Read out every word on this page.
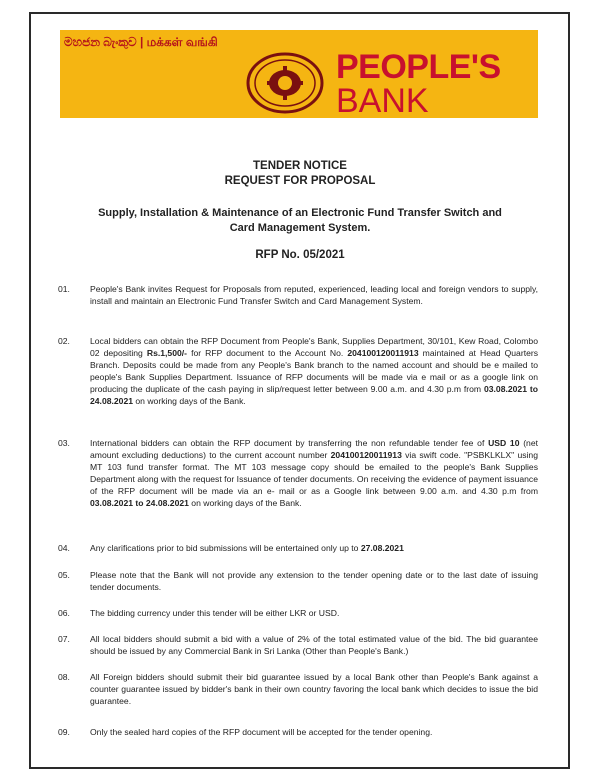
මහජන බැංකුව | மக்கள் வங்கி
PEOPLE'S
BANK
TENDER NOTICE
REQUEST FOR PROPOSAL
Supply, Installation & Maintenance of an Electronic Fund Transfer Switch and
Card Management System.
RFP No. 05/2021
01.	People's Bank invites Request for Proposals from reputed, experienced, leading local and foreign vendors to supply, install and maintain an Electronic Fund Transfer Switch and Card Management System.
02.	Local bidders can obtain the RFP Document from People's Bank, Supplies Department, 30/101, Kew Road, Colombo 02 depositing Rs.1,500/- for RFP document to the Account No. 204100120011913 maintained at Head Quarters Branch. Deposits could be made from any People's Bank branch to the named account and should be e mailed to people's Bank Supplies Department. Issuance of RFP documents will be made via e mail or as a google link on producing the duplicate of the cash paying in slip/request letter between 9.00 a.m. and 4.30 p.m from 03.08.2021 to 24.08.2021 on working days of the Bank.
03.	International bidders can obtain the RFP document by transferring the non refundable tender fee of USD 10 (net amount excluding deductions) to the current account number 204100120011913 via swift code. "PSBKLKLX" using MT 103 fund transfer format. The MT 103 message copy should be emailed to the people's Bank Supplies Department along with the request for Issuance of tender documents. On receiving the evidence of payment issuance of the RFP document will be made via an e- mail or as a Google link between 9.00 a.m. and 4.30 p.m from 03.08.2021 to 24.08.2021 on working days of the Bank.
04.	Any clarifications prior to bid submissions will be entertained only up to 27.08.2021
05.	Please note that the Bank will not provide any extension to the tender opening date or to the last date of issuing tender documents.
06.	The bidding currency under this tender will be either LKR or USD.
07.	All local bidders should submit a bid with a value of 2% of the total estimated value of the bid. The bid guarantee should be issued by any Commercial Bank in Sri Lanka (Other than People's Bank.)
08.	All Foreign bidders should submit their bid guarantee issued by a local Bank other than People's Bank against a counter guarantee issued by bidder's bank in their own country favoring the local bank which decides to issue the bid guarantee.
09.	Only the sealed hard copies of the RFP document will be accepted for the tender opening.
